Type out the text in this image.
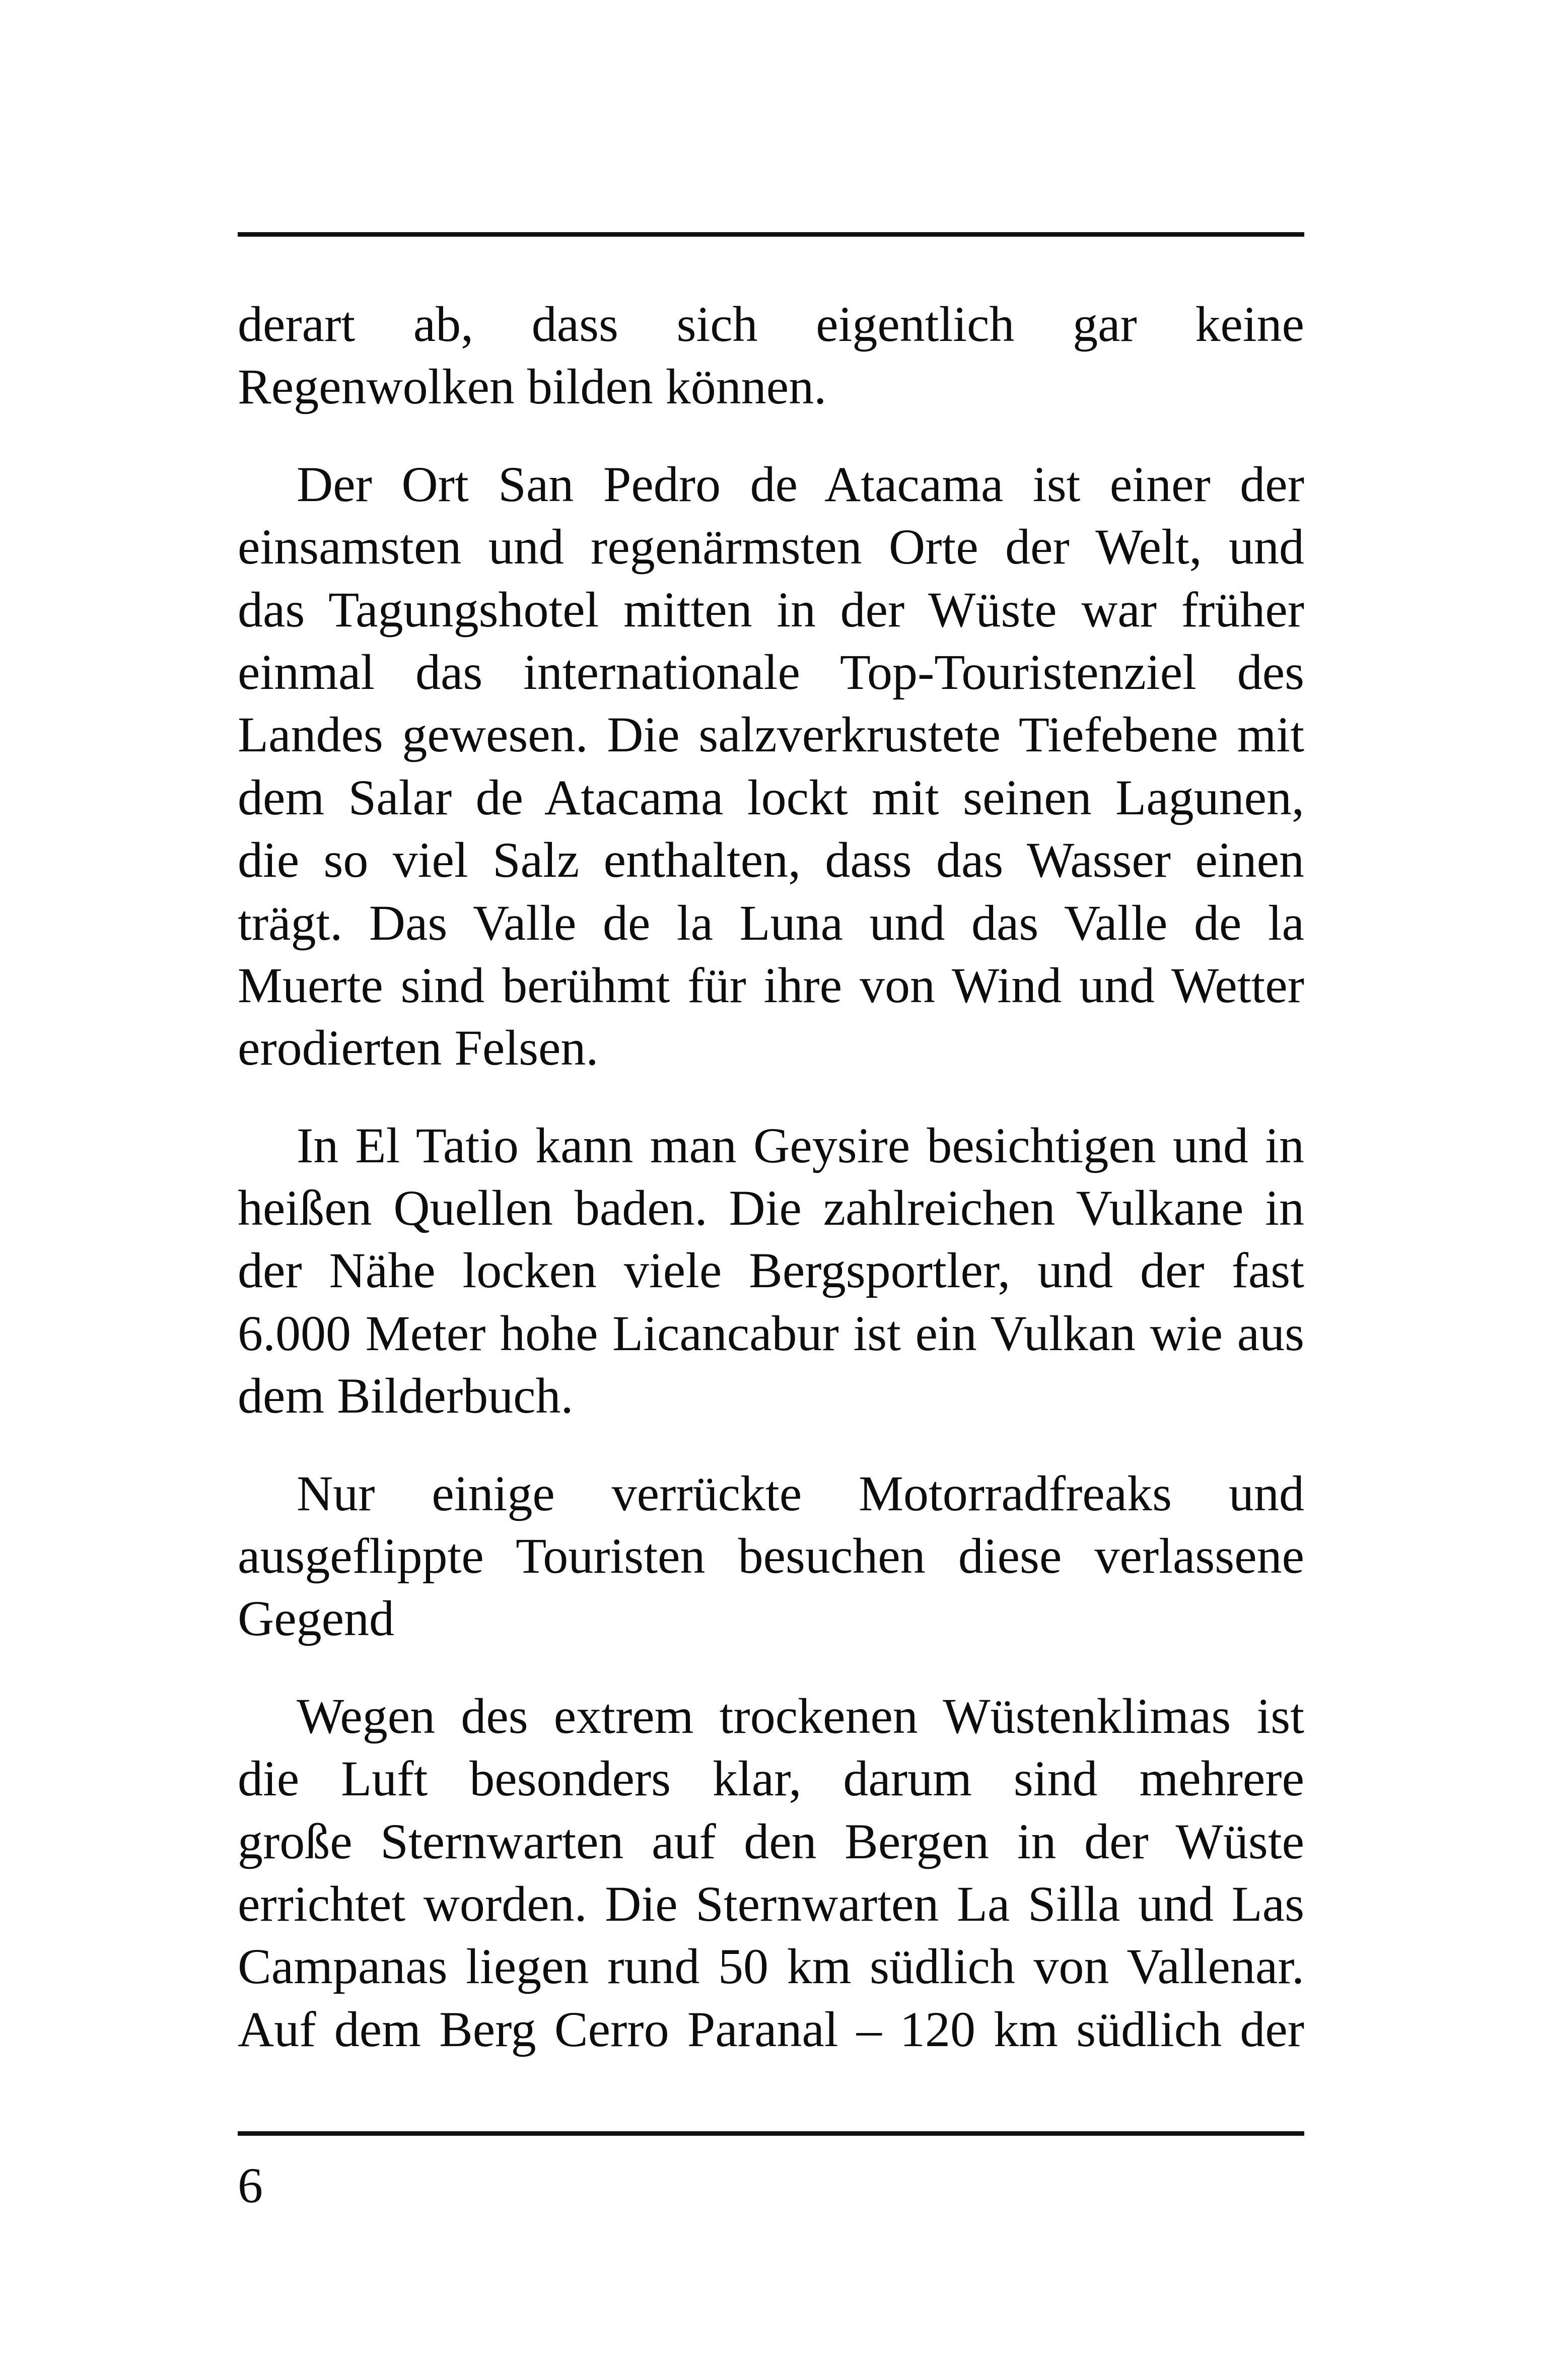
derart ab, dass sich eigentlich gar keine
Regenwolken bilden können.
Der Ort San Pedro de Atacama ist einer der
einsamsten und regenärmsten Orte der Welt, und
das Tagungshotel mitten in der Wüste war früher
einmal das internationale Top-Touristenziel des
Landes gewesen. Die salzverkrustete Tiefebene mit
dem Salar de Atacama lockt mit seinen Lagunen,
die so viel Salz enthalten, dass das Wasser einen
trägt. Das Valle de la Luna und das Valle de la
Muerte sind berühmt für ihre von Wind und Wetter
erodierten Felsen.
In El Tatio kann man Geysire besichtigen und in
heißen Quellen baden. Die zahlreichen Vulkane in
der Nähe locken viele Bergsportler, und der fast
6.000 Meter hohe Licancabur ist ein Vulkan wie aus
dem Bilderbuch.
Nur einige verrückte Motorradfreaks und
ausgeflippte Touristen besuchen diese verlassene
Gegend
Wegen des extrem trockenen Wüstenklimas ist
die Luft besonders klar, darum sind mehrere
große Sternwarten auf den Bergen in der Wüste
errichtet worden. Die Sternwarten La Silla und Las
Campanas liegen rund 50 km südlich von Vallenar.
Auf dem Berg Cerro Paranal – 120 km südlich der
6
